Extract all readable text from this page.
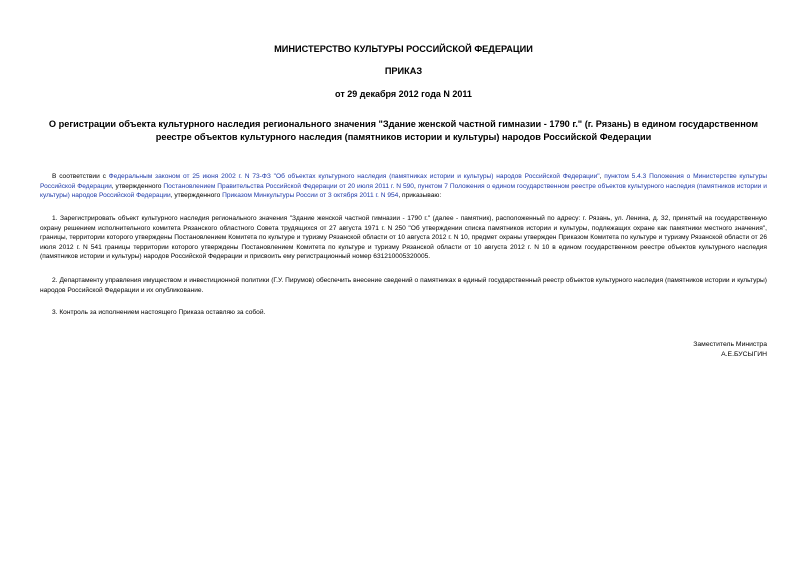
МИНИСТЕРСТВО КУЛЬТУРЫ РОССИЙСКОЙ ФЕДЕРАЦИИ
ПРИКАЗ
от 29 декабря 2012 года N 2011
О регистрации объекта культурного наследия регионального значения "Здание женской частной гимназии - 1790 г." (г. Рязань) в едином государственном реестре объектов культурного наследия (памятников истории и культуры) народов Российской Федерации
В соответствии с Федеральным законом от 25 июня 2002 г. N 73-ФЗ "Об объектах культурного наследия (памятниках истории и культуры) народов Российской Федерации", пунктом 5.4.3 Положения о Министерстве культуры Российской Федерации, утвержденного Постановлением Правительства Российской Федерации от 20 июля 2011 г. N 590, пунктом 7 Положения о едином государственном реестре объектов культурного наследия (памятников истории и культуры) народов Российской Федерации, утвержденного Приказом Минкультуры России от 3 октября 2011 г. N 954, приказываю:
1. Зарегистрировать объект культурного наследия регионального значения "Здание женской частной гимназии - 1790 г." (далее - памятник), расположенный по адресу: г. Рязань, ул. Ленина, д. 32, принятый на государственную охрану решением исполнительного комитета Рязанского областного Совета трудящихся от 27 августа 1971 г. N 250 "Об утверждении списка памятников истории и культуры, подлежащих охране как памятники местного значения", границы, территории которого утверждены Постановлением Комитета по культуре и туризму Рязанской области от 10 августа 2012 г. N 10, предмет охраны утвержден Приказом Комитета по культуре и туризму Рязанской области от 26 июля 2012 г. N 541 границы территории которого утверждены Постановлением Комитета по культуре и туризму Рязанской области от 10 августа 2012 г. N 10 в едином государственном реестре объектов культурного наследия (памятников истории и культуры) народов Российской Федерации и присвоить ему регистрационный номер 631210005320005.
2. Департаменту управления имуществом и инвестиционной политики (Г.У. Пирумов) обеспечить внесение сведений о памятниках в единый государственный реестр объектов культурного наследия (памятников истории и культуры) народов Российской Федерации и их опубликование.
3. Контроль за исполнением настоящего Приказа оставляю за собой.
Заместитель Министра
А.Е.БУСЫГИН
